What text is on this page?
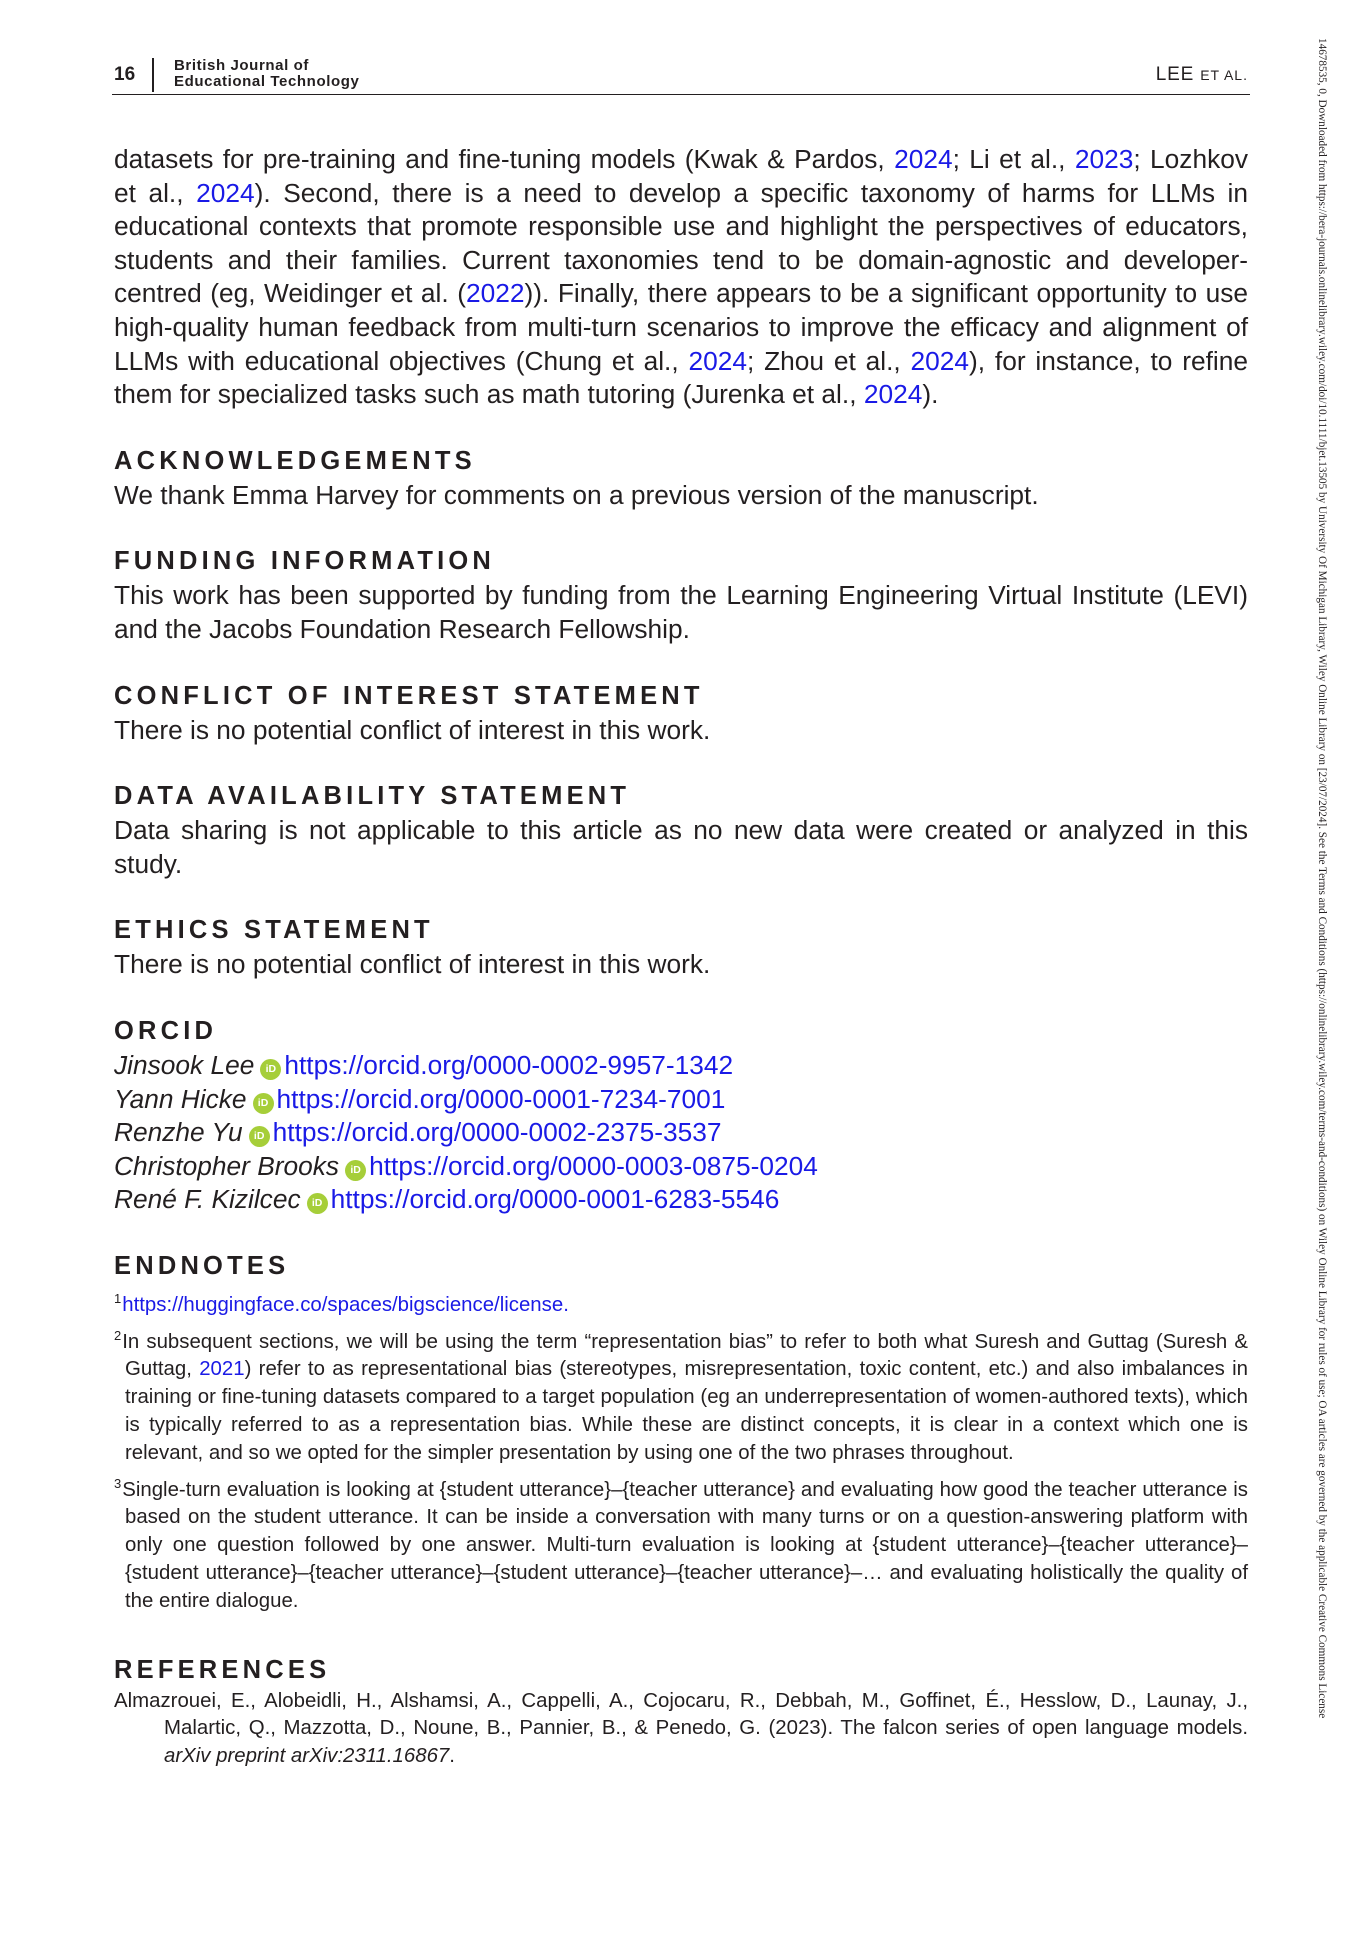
16	British Journal of
Educational Technology	LEE ET AL.	14678535, 0, Downloaded from https://bera-journals.onlinelibrary.wiley.com/doi/10.1111/bjet.13505 by University Of Michigan Library, Wiley Online Library on [23/07/2024]. See the Terms and Conditions (https://onlinelibrary.wiley.com/terms-and-conditions) on Wiley Online Library for rules of use; OA articles are governed by the applicable Creative Commons License

datasets for pre-training and fine-tuning models (Kwak & Pardos, 2024; Li et al., 2023; Lozhkov et al., 2024). Second, there is a need to develop a specific taxonomy of harms for LLMs in educational contexts that promote responsible use and highlight the perspectives of educators, students and their families. Current taxonomies tend to be domain-agnostic and developer-centred (eg, Weidinger et al. (2022)). Finally, there appears to be a significant opportunity to use high-quality human feedback from multi-turn scenarios to improve the efficacy and alignment of LLMs with educational objectives (Chung et al., 2024; Zhou et al., 2024), for instance, to refine them for specialized tasks such as math tutoring (Jurenka et al., 2024).

ACKNOWLEDGEMENTS

We thank Emma Harvey for comments on a previous version of the manuscript.

FUNDING INFORMATION

This work has been supported by funding from the Learning Engineering Virtual Institute (LEVI) and the Jacobs Foundation Research Fellowship.

CONFLICT OF INTEREST STATEMENT

There is no potential conflict of interest in this work.

DATA AVAILABILITY STATEMENT

Data sharing is not applicable to this article as no new data were created or analyzed in this study.

ETHICS STATEMENT

There is no potential conflict of interest in this work.

ORCID
Jinsook Lee iD https://orcid.org/0000-0002-9957-1342
Yann Hicke iD https://orcid.org/0000-0001-7234-7001
Renzhe Yu iD https://orcid.org/0000-0002-2375-3537
Christopher Brooks iD https://orcid.org/0000-0003-0875-0204
René F. Kizilcec iD https://orcid.org/0000-0001-6283-5546
ENDNOTES

$^1$https://huggingface.co/spaces/bigscience/license.

$^2$In subsequent sections, we will be using the term “representation bias” to refer to both what Suresh and Guttag (Suresh & Guttag, 2021) refer to as representational bias (stereotypes, misrepresentation, toxic content, etc.) and also imbalances in training or fine-tuning datasets compared to a target population (eg an underrepresentation of women-authored texts), which is typically referred to as a representation bias. While these are distinct concepts, it is clear in a context which one is relevant, and so we opted for the simpler presentation by using one of the two phrases throughout.

$^3$Single-turn evaluation is looking at {student utterance}–{teacher utterance} and evaluating how good the teacher utterance is based on the student utterance. It can be inside a conversation with many turns or on a question-answering platform with only one question followed by one answer. Multi-turn evaluation is looking at {student utterance}–{teacher utterance}–{student utterance}–{teacher utterance}–{student utterance}–{teacher utterance}–… and evaluating holistically the quality of the entire dialogue.

REFERENCES

Almazrouei, E., Alobeidli, H., Alshamsi, A., Cappelli, A., Cojocaru, R., Debbah, M., Goffinet, É., Hesslow, D., Launay, J., Malartic, Q., Mazzotta, D., Noune, B., Pannier, B., & Penedo, G. (2023). The falcon series of open language models. arXiv preprint arXiv:2311.16867.
